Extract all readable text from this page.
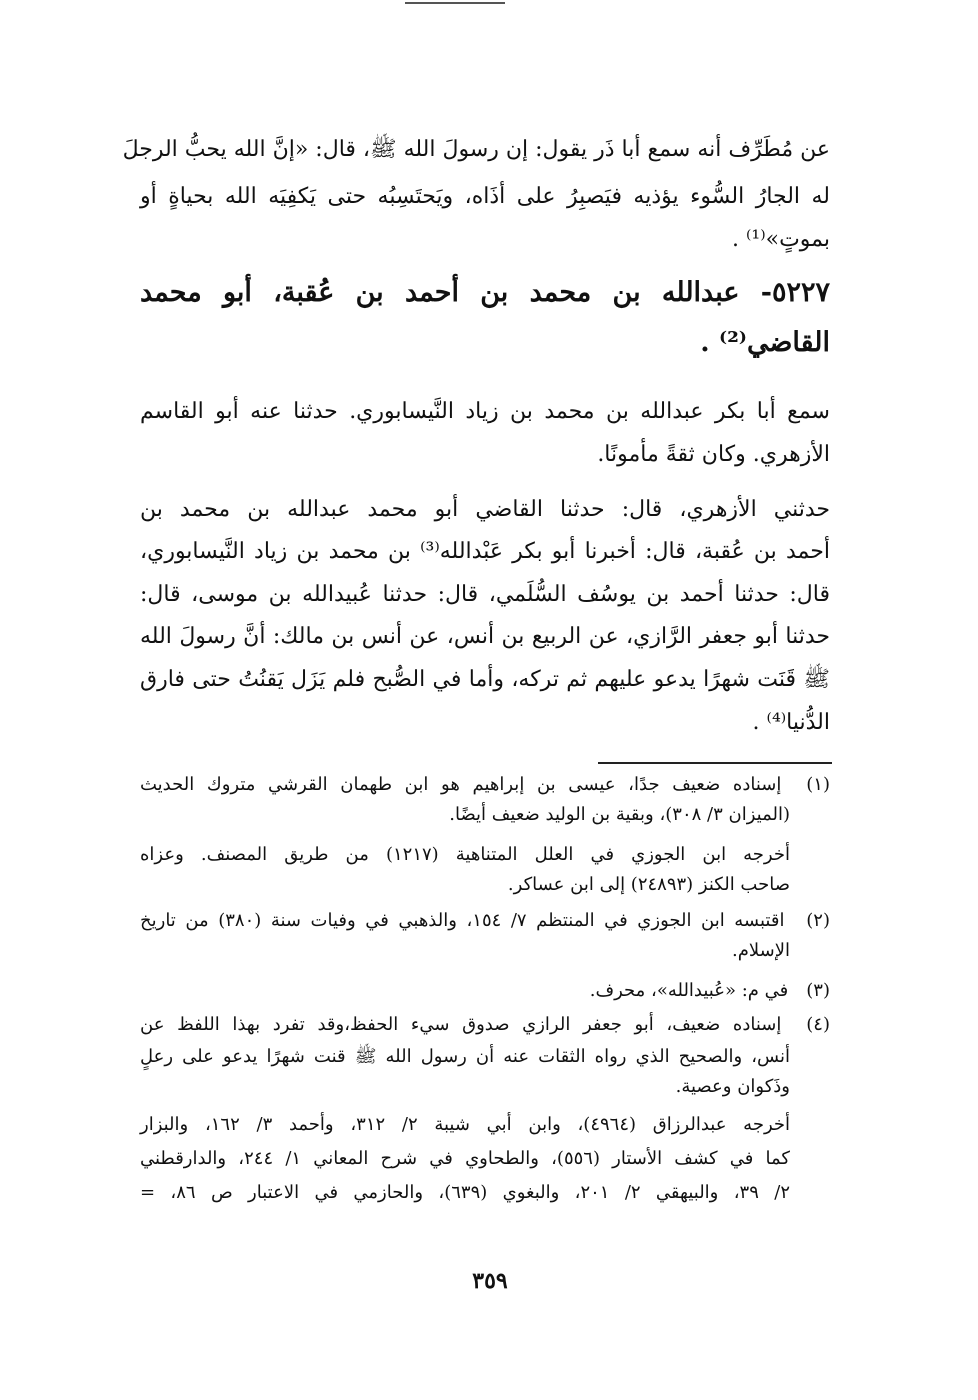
عن مُطَرِّف أنه سمع أبا ذَر يقول: إن رسولَ الله ﷺ، قال: «إنَّ الله يحبُّ الرجلَ
له الجارُ السُّوء يؤذيه فيَصبِرُ على أذَاه، ويَحتَسِبُه حتى يَكفِيَه الله بحياةٍ أو
بموتٍ»⁽¹⁾ .
٥٢٢٧- عبدالله بن محمد بن أحمد بن عُقبة، أبو محمد
القاضي⁽²⁾ .
سمع أبا بكر عبدالله بن محمد بن زياد النَّيسابوري. حدثنا عنه أبو القاسم
الأزهري. وكان ثقةً مأمونًا.
حدثني الأزهري، قال: حدثنا القاضي أبو محمد عبدالله بن محمد بن
أحمد بن عُقبة، قال: أخبرنا أبو بكر عَبْدالله⁽³⁾ بن محمد بن زياد النَّيسابوري،
قال: حدثنا أحمد بن يوسُف السُّلَمي، قال: حدثنا عُبيدالله بن موسى، قال:
حدثنا أبو جعفر الرَّازي، عن الربيع بن أنس، عن أنس بن مالك: أنَّ رسولَ الله
ﷺ قَنَت شهرًا يدعو عليهم ثم تركه، وأما في الصُّبح فلم يَزَل يَقنُتُ حتى فارق
الدُّنيا⁽⁴⁾ .
(١) إسناده ضعيف جدًا، عيسى بن إبراهيم هو ابن طهمان القرشي متروك الحديث
(الميزان ٣/ ٣٠٨)، وبقية بن الوليد ضعيف أيضًا.
أخرجه ابن الجوزي في العلل المتناهية (١٢١٧) من طريق المصنف. وعزاه
صاحب الكنز (٢٤٨٩٣) إلى ابن عساكر.
(٢) اقتبسه ابن الجوزي في المنتظم ٧/ ١٥٤، والذهبي في وفيات سنة (٣٨٠) من تاريخ
الإسلام.
(٣) في م: «عُبيدالله»، محرف.
(٤) إسناده ضعيف، أبو جعفر الرازي صدوق سيء الحفظ،وقد تفرد بهذا اللفظ عن
أنس، والصحيح الذي رواه الثقات عنه أن رسول الله ﷺ قنت شهرًا يدعو على رعلٍ
وذَكوان وعصية.
أخرجه عبدالرزاق (٤٩٦٤)، وابن أبي شيبة ٢/ ٣١٢، وأحمد ٣/ ١٦٢، والبزار
كما في كشف الأستار (٥٥٦)، والطحاوي في شرح المعاني ١/ ٢٤٤، والدارقطني
٢/ ٣٩، والبيهقي ٢/ ٢٠١، والبغوي (٦٣٩)، والحازمي في الاعتبار ص ٨٦، =
٣٥٩
